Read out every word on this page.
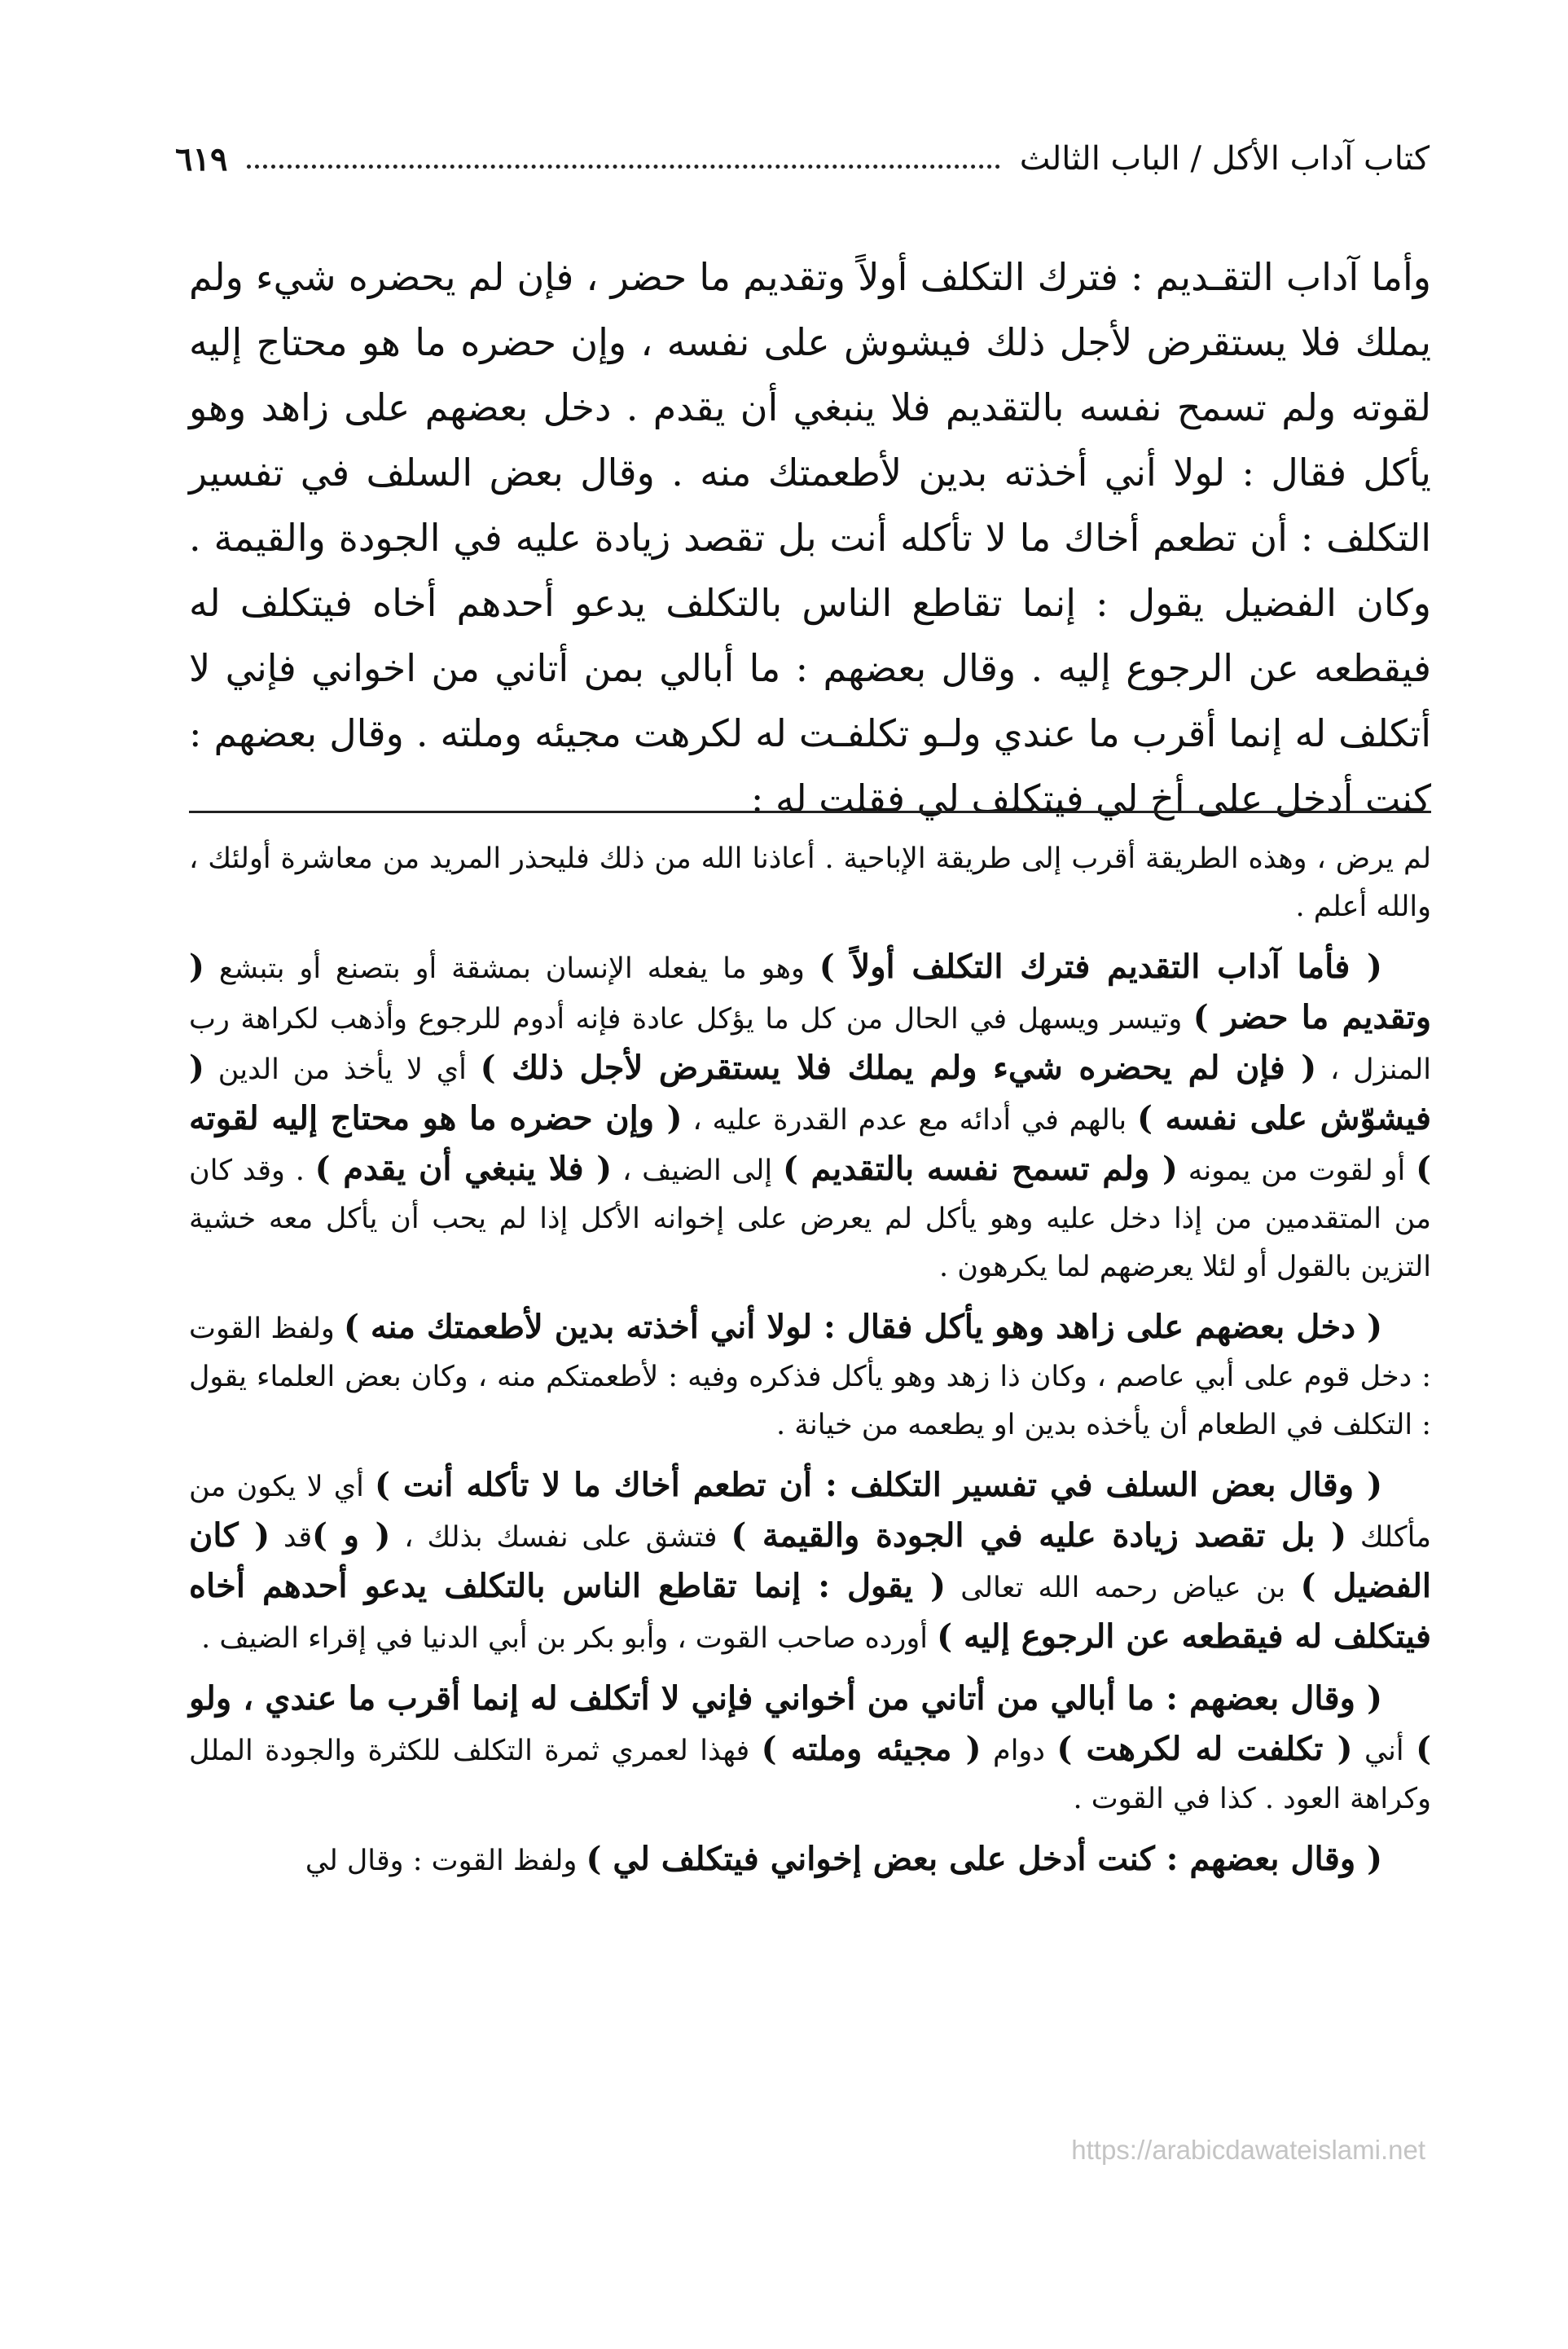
كتاب آداب الأكل / الباب الثالث
٦١٩
وأما آداب التقـديم : فترك التكلف أولاً وتقديم ما حضر ، فإن لم يحضره شيء ولم يملك فلا يستقرض لأجل ذلك فيشوش على نفسه ، وإن حضره ما هو محتاج إليه لقوته ولم تسمح نفسه بالتقديم فلا ينبغي أن يقدم . دخل بعضهم على زاهد وهو يأكل فقال : لولا أني أخذته بدين لأطعمتك منه . وقال بعض السلف في تفسير التكلف : أن تطعم أخاك ما لا تأكله أنت بل تقصد زيادة عليه في الجودة والقيمة . وكان الفضيل يقول : إنما تقاطع الناس بالتكلف يدعو أحدهم أخاه فيتكلف له فيقطعه عن الرجوع إليه . وقال بعضهم : ما أبالي بمن أتاني من اخواني فإني لا أتكلف له إنما أقرب ما عندي ولـو تكلفـت له لكرهت مجيئه وملته . وقال بعضهم : كنت أدخل على أخ لي فيتكلف لي فقلت له :

لم يرض ، وهذه الطريقة أقرب إلى طريقة الإباحية . أعاذنا الله من ذلك فليحذر المريد من معاشرة أولئك ، والله أعلم .

( فأما آداب التقديم فترك التكلف أولاً ) وهو ما يفعله الإنسان بمشقة أو بتصنع أو بتبشع ( وتقديم ما حضر ) وتيسر ويسهل في الحال من كل ما يؤكل عادة فإنه أدوم للرجوع وأذهب لكراهة رب المنزل ، ( فإن لم يحضره شيء ولم يملك فلا يستقرض لأجل ذلك ) أي لا يأخذ من الدين ( فيشوّش على نفسه ) بالهم في أدائه مع عدم القدرة عليه ، ( وإن حضره ما هو محتاج إليه لقوته ) أو لقوت من يمونه ( ولم تسمح نفسه بالتقديم ) إلى الضيف ، ( فلا ينبغي أن يقدم ) . وقد كان من المتقدمين من إذا دخل عليه وهو يأكل لم يعرض على إخوانه الأكل إذا لم يحب أن يأكل معه خشية التزين بالقول أو لئلا يعرضهم لما يكرهون .

( دخل بعضهم على زاهد وهو يأكل فقال : لولا أني أخذته بدين لأطعمتك منه ) ولفظ القوت : دخل قوم على أبي عاصم ، وكان ذا زهد وهو يأكل فذكره وفيه : لأطعمتكم منه ، وكان بعض العلماء يقول : التكلف في الطعام أن يأخذه بدين او يطعمه من خيانة .

( وقال بعض السلف في تفسير التكلف : أن تطعم أخاك ما لا تأكله أنت ) أي لا يكون من مأكلك ( بل تقصد زيادة عليه في الجودة والقيمة ) فتشق على نفسك بذلك ، ( و )قد ( كان الفضيل ) بن عياض رحمه الله تعالى ( يقول : إنما تقاطع الناس بالتكلف يدعو أحدهم أخاه فيتكلف له فيقطعه عن الرجوع إليه ) أورده صاحب القوت ، وأبو بكر بن أبي الدنيا في إقراء الضيف .

( وقال بعضهم : ما أبالي من أتاني من أخواني فإني لا أتكلف له إنما أقرب ما عندي ، ولو ) أني ( تكلفت له لكرهت ) دوام ( مجيئه وملته ) فهذا لعمري ثمرة التكلف للكثرة والجودة الملل وكراهة العود . كذا في القوت .

( وقال بعضهم : كنت أدخل على بعض إخواني فيتكلف لي ) ولفظ القوت : وقال لي

https://arabicdawateislami.net
